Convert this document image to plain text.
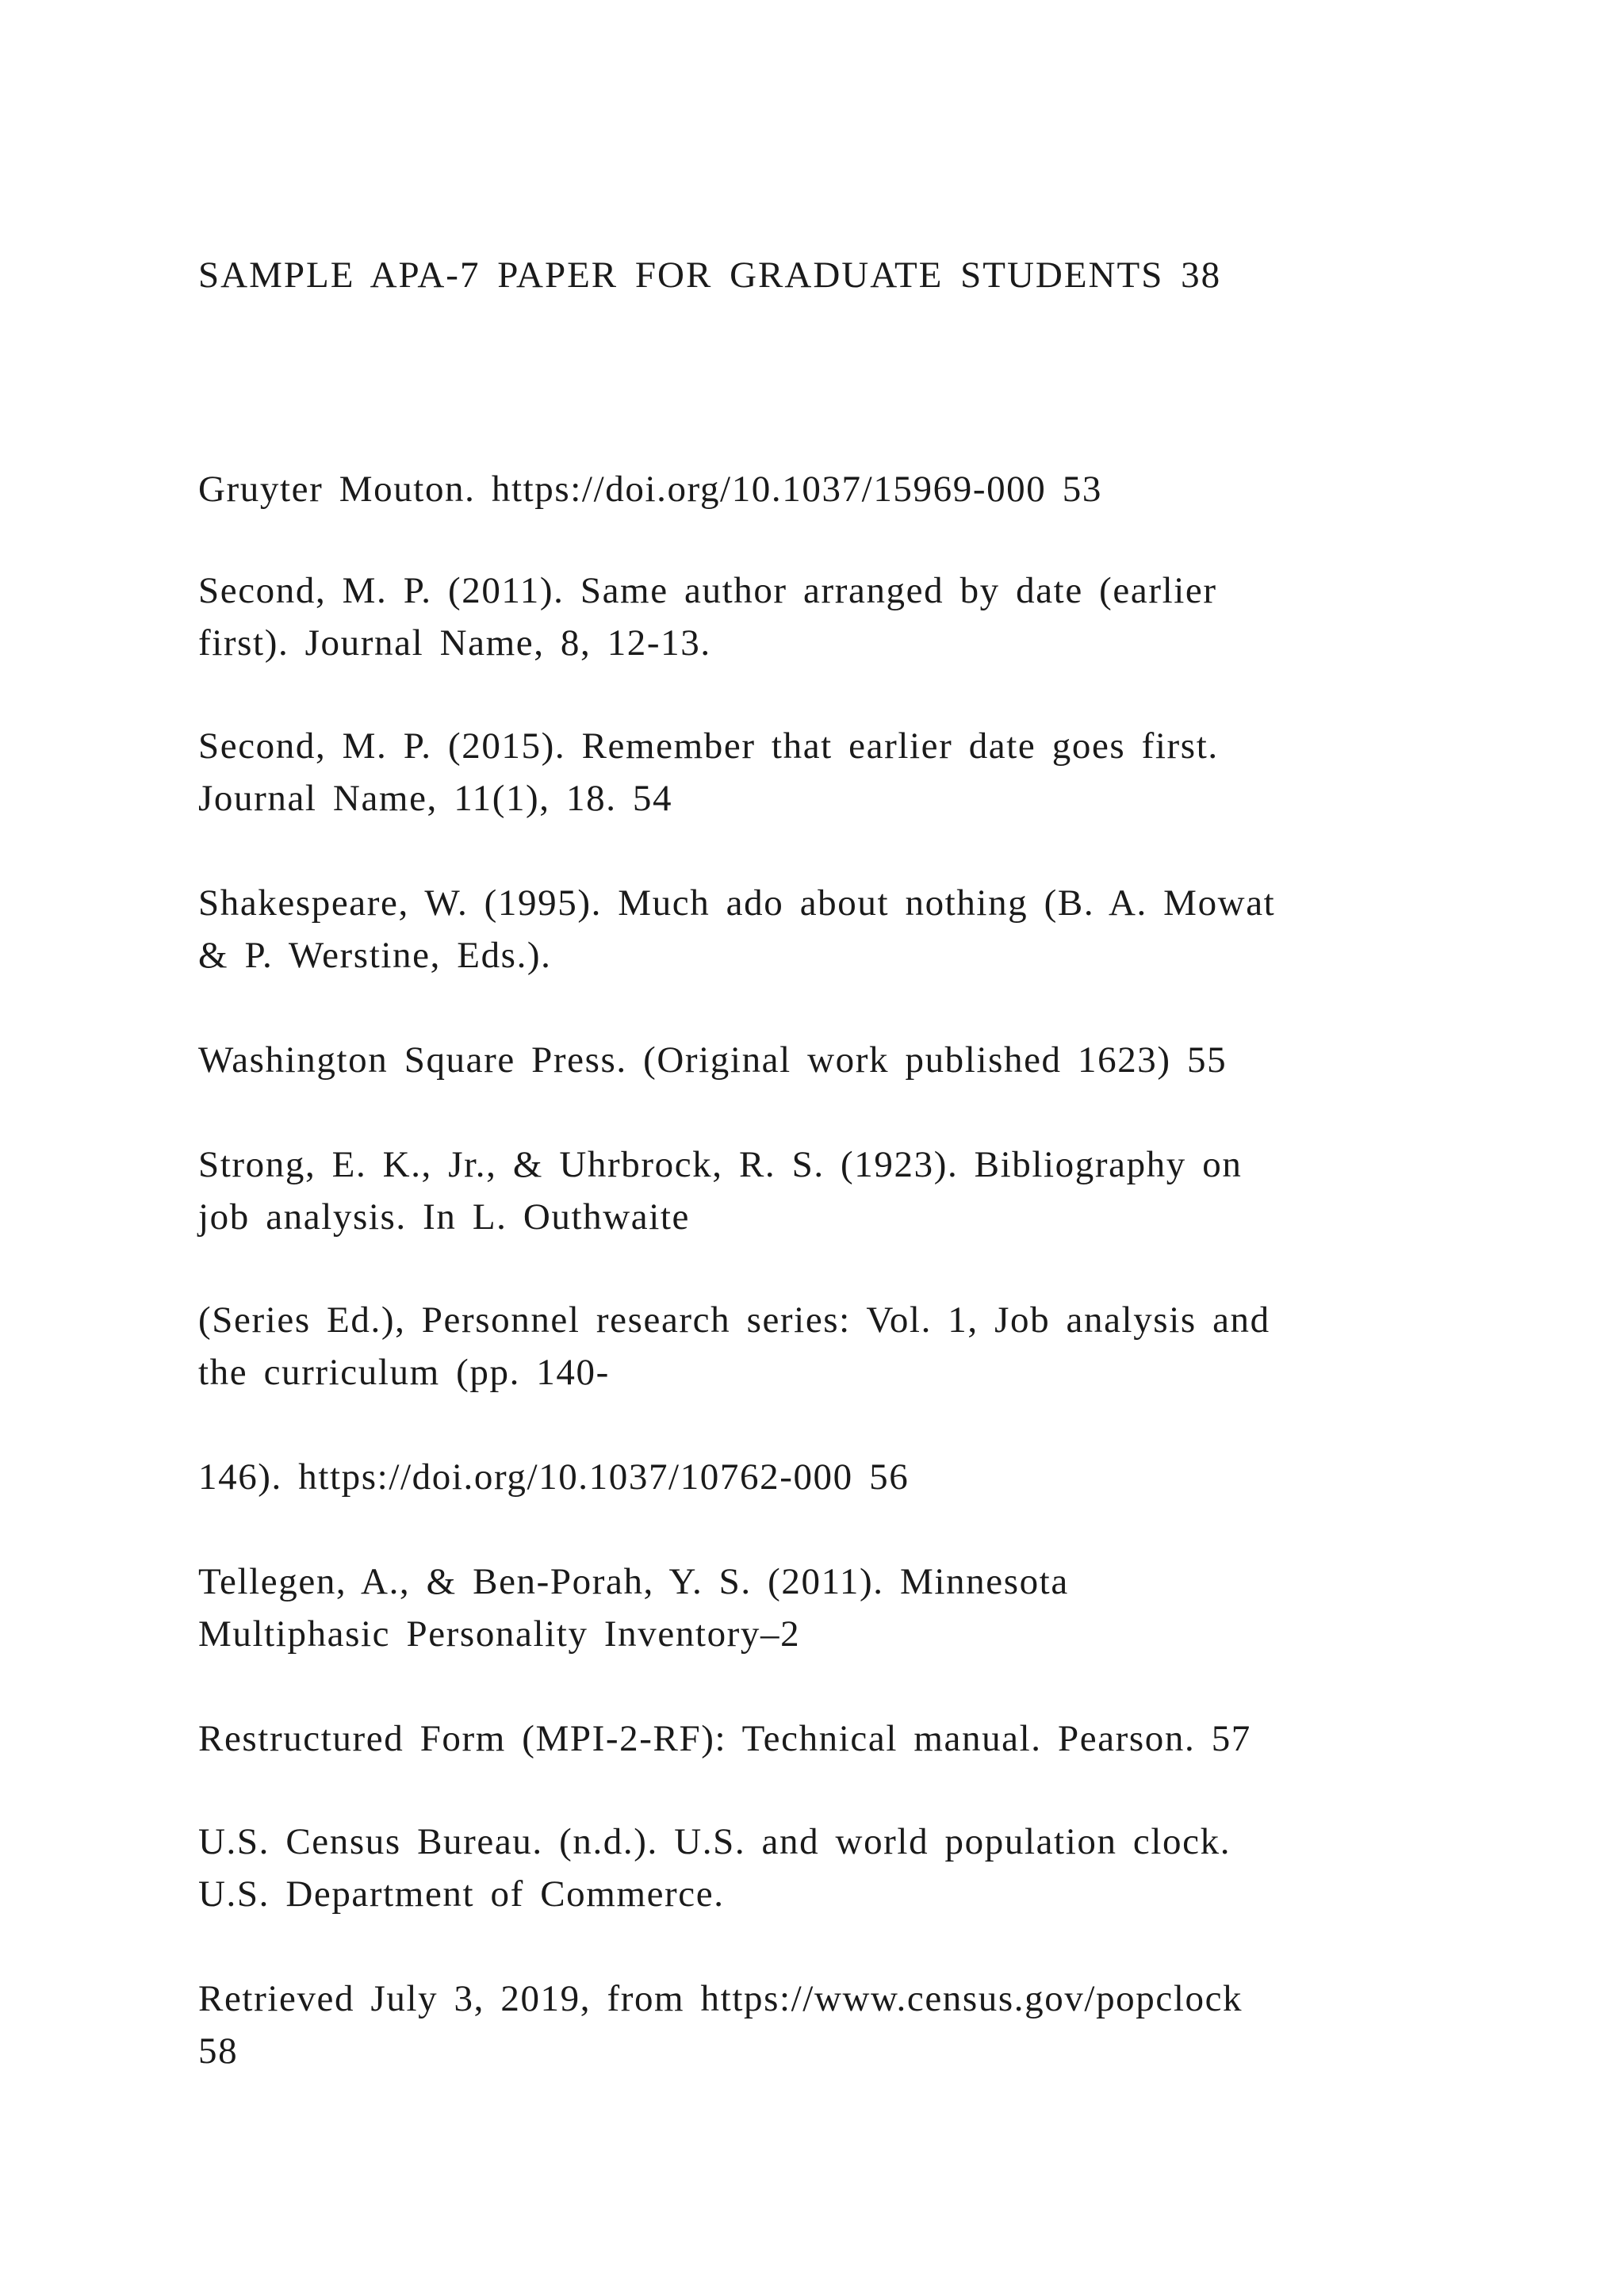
SAMPLE APA-7 PAPER FOR GRADUATE STUDENTS 38
Gruyter Mouton. https://doi.org/10.1037/15969-000 53
Second, M. P. (2011). Same author arranged by date (earlier
first). Journal Name, 8, 12-13.
Second, M. P. (2015). Remember that earlier date goes first.
Journal Name, 11(1), 18. 54
Shakespeare, W. (1995). Much ado about nothing (B. A. Mowat
& P. Werstine, Eds.).
Washington Square Press. (Original work published 1623) 55
Strong, E. K., Jr., & Uhrbrock, R. S. (1923). Bibliography on
job analysis. In L. Outhwaite
(Series Ed.), Personnel research series: Vol. 1, Job analysis and
the curriculum (pp. 140-
146). https://doi.org/10.1037/10762-000 56
Tellegen, A., & Ben-Porah, Y. S. (2011). Minnesota
Multiphasic Personality Inventory–2
Restructured Form (MPI-2-RF): Technical manual. Pearson. 57
U.S. Census Bureau. (n.d.). U.S. and world population clock.
U.S. Department of Commerce.
Retrieved July 3, 2019, from https://www.census.gov/popclock
58
